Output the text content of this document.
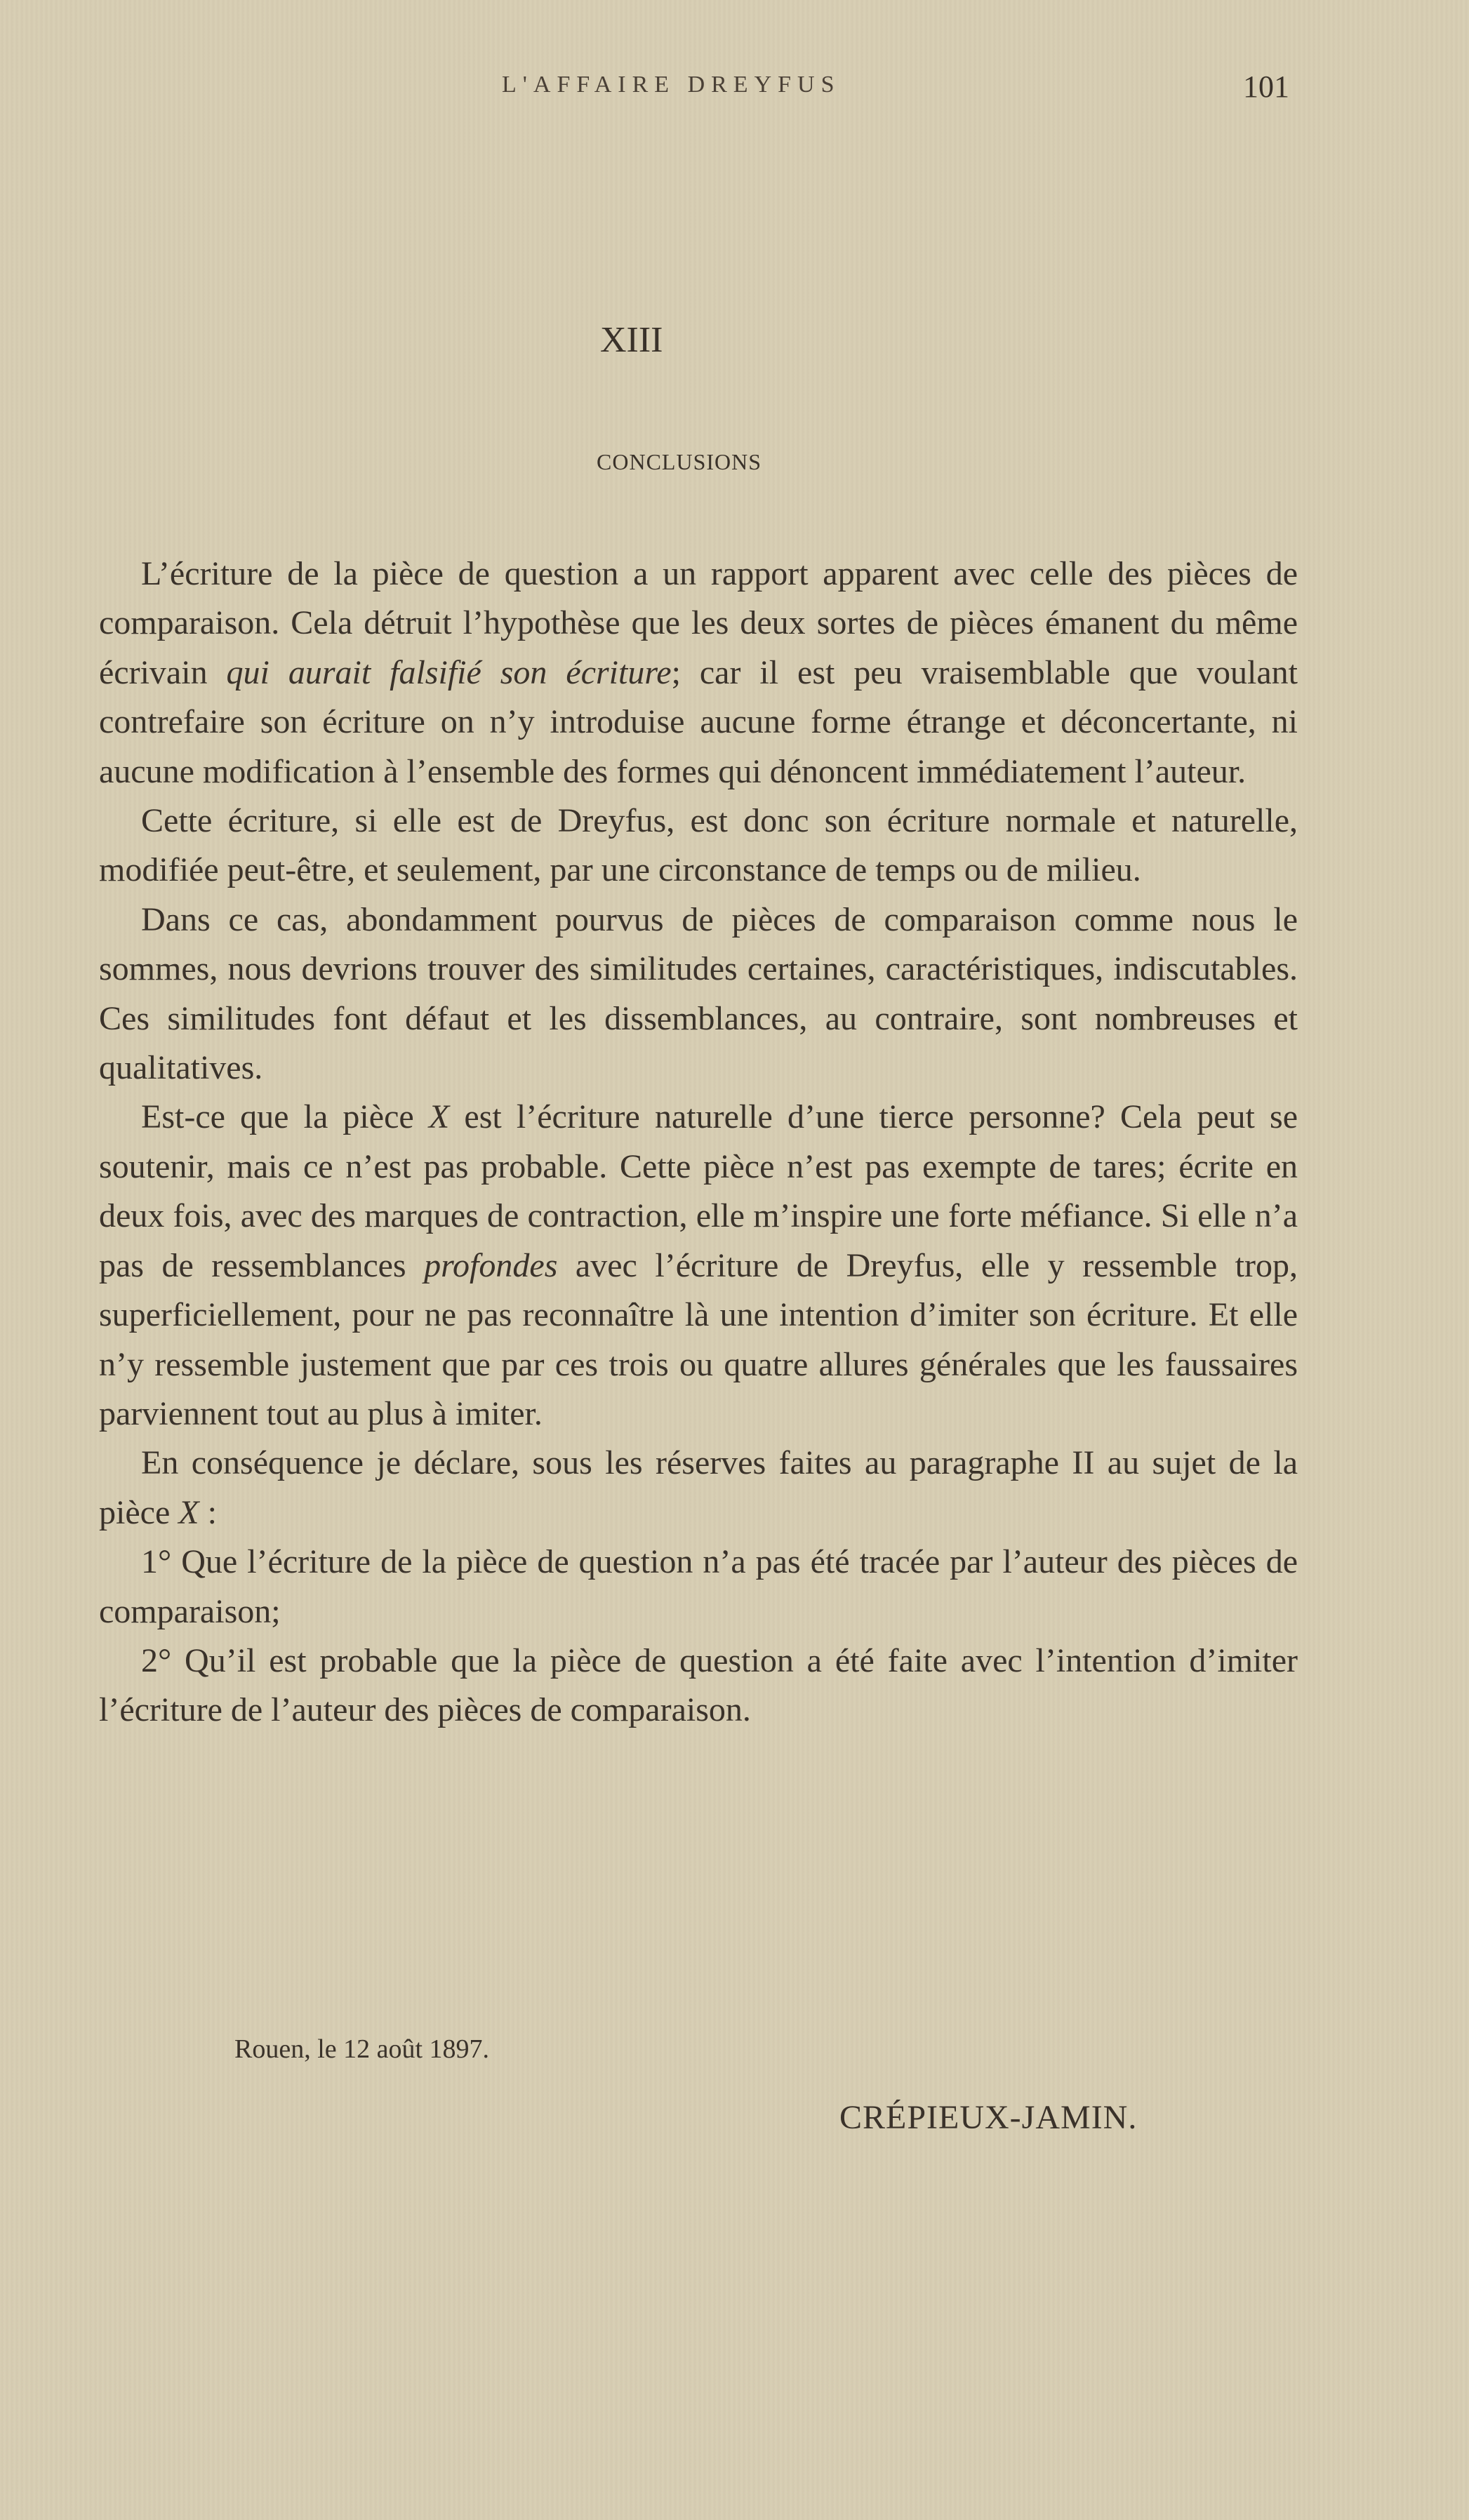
L'AFFAIRE DREYFUS	101
XIII
CONCLUSIONS

L’écriture de la pièce de question a un rapport apparent avec celle des pièces de comparaison. Cela détruit l’hypothèse que les deux sortes de pièces émanent du même écrivain qui aurait falsifié son écriture; car il est peu vraisemblable que voulant contrefaire son écriture on n’y introduise aucune forme étrange et déconcertante, ni aucune modification à l’ensemble des formes qui dénoncent immédiatement l’auteur.

Cette écriture, si elle est de Dreyfus, est donc son écriture normale et naturelle, modifiée peut-être, et seulement, par une circonstance de temps ou de milieu.

Dans ce cas, abondamment pourvus de pièces de comparaison comme nous le sommes, nous devrions trouver des similitudes certaines, caractéristiques, indiscutables. Ces similitudes font défaut et les dissemblances, au contraire, sont nombreuses et qualitatives.

Est-ce que la pièce X est l’écriture naturelle d’une tierce personne? Cela peut se soutenir, mais ce n’est pas probable. Cette pièce n’est pas exempte de tares; écrite en deux fois, avec des marques de contraction, elle m’inspire une forte méfiance. Si elle n’a pas de ressemblances profondes avec l’écriture de Dreyfus, elle y ressemble trop, superficiellement, pour ne pas reconnaître là une intention d’imiter son écriture. Et elle n’y ressemble justement que par ces trois ou quatre allures générales que les faussaires parviennent tout au plus à imiter.

En conséquence je déclare, sous les réserves faites au paragraphe II au sujet de la pièce X :

1° Que l’écriture de la pièce de question n’a pas été tracée par l’auteur des pièces de comparaison;

2° Qu’il est probable que la pièce de question a été faite avec l’intention d’imiter l’écriture de l’auteur des pièces de comparaison.

Rouen, le 12 août 1897.
CRÉPIEUX-JAMIN.
